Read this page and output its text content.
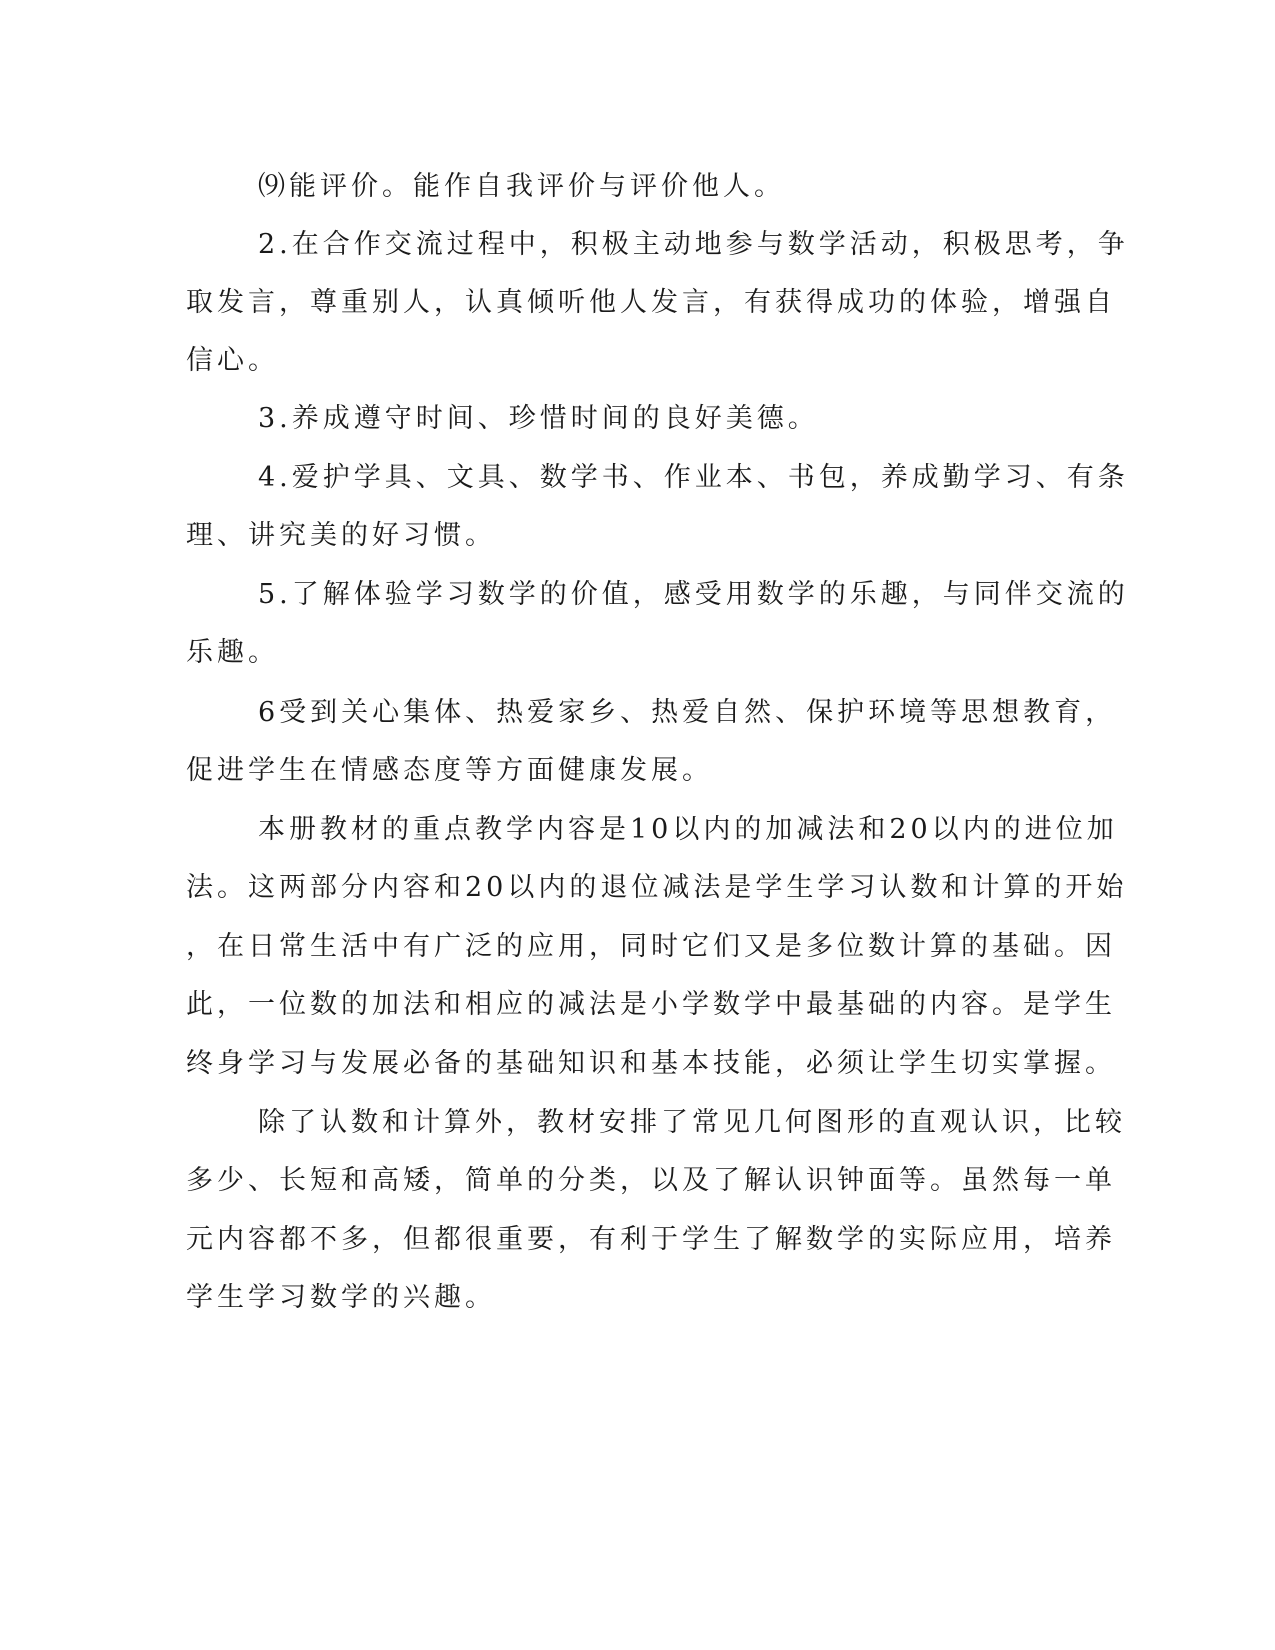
⑼能评价。能作自我评价与评价他人。
2.在合作交流过程中，积极主动地参与数学活动，积极思考，争
取发言，尊重别人，认真倾听他人发言，有获得成功的体验，增强自
信心。
3.养成遵守时间、珍惜时间的良好美德。
4.爱护学具、文具、数学书、作业本、书包，养成勤学习、有条
理、讲究美的好习惯。
5.了解体验学习数学的价值，感受用数学的乐趣，与同伴交流的
乐趣。
6受到关心集体、热爱家乡、热爱自然、保护环境等思想教育，
促进学生在情感态度等方面健康发展。
本册教材的重点教学内容是10以内的加减法和20以内的进位加
法。这两部分内容和20以内的退位减法是学生学习认数和计算的开始
，在日常生活中有广泛的应用，同时它们又是多位数计算的基础。因
此，一位数的加法和相应的减法是小学数学中最基础的内容。是学生
终身学习与发展必备的基础知识和基本技能，必须让学生切实掌握。
除了认数和计算外，教材安排了常见几何图形的直观认识，比较
多少、长短和高矮，简单的分类，以及了解认识钟面等。虽然每一单
元内容都不多，但都很重要，有利于学生了解数学的实际应用，培养
学生学习数学的兴趣。
